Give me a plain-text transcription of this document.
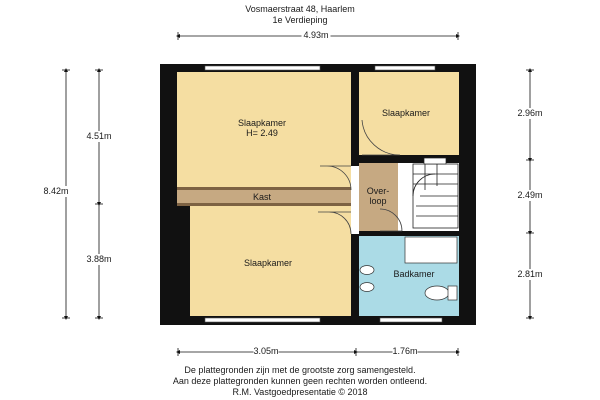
Vosmaerstraat 48, Haarlem
1e Verdieping
4.93m
8.42m
4.51m
3.88m
2.96m
2.49m
2.81m
3.05m	1.76m
Slaapkamer
H= 2.49
Kast
Slaapkamer
Slaapkamer
Over-
loop
Badkamer
De plattegronden zijn met de grootste zorg samengesteld.
Aan deze plattegronden kunnen geen rechten worden ontleend.
R.M. Vastgoedpresentatie © 2018
